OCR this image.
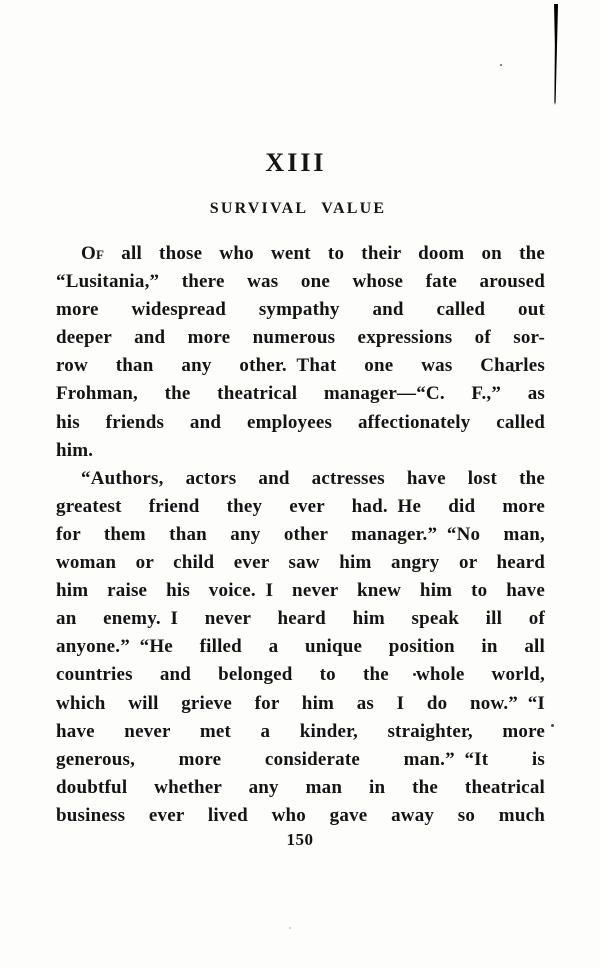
XIII
SURVIVAL VALUE
Of all those who went to their doom on the
“Lusitania,” there was one whose fate aroused
more widespread sympathy and called out
deeper and more numerous expressions of sor-
row than any other. That one was Charles
Frohman, the theatrical manager—“C. F.,” as
his friends and employees affectionately called
him.
“Authors, actors and actresses have lost the
greatest friend they ever had. He did more
for them than any other manager.” “No man,
woman or child ever saw him angry or heard
him raise his voice. I never knew him to have
an enemy. I never heard him speak ill of
anyone.” “He filled a unique position in all
countries and belonged to the whole world,
which will grieve for him as I do now.” “I
have never met a kinder, straighter, more
generous, more considerate man.” “It is
doubtful whether any man in the theatrical
business ever lived who gave away so much
150
